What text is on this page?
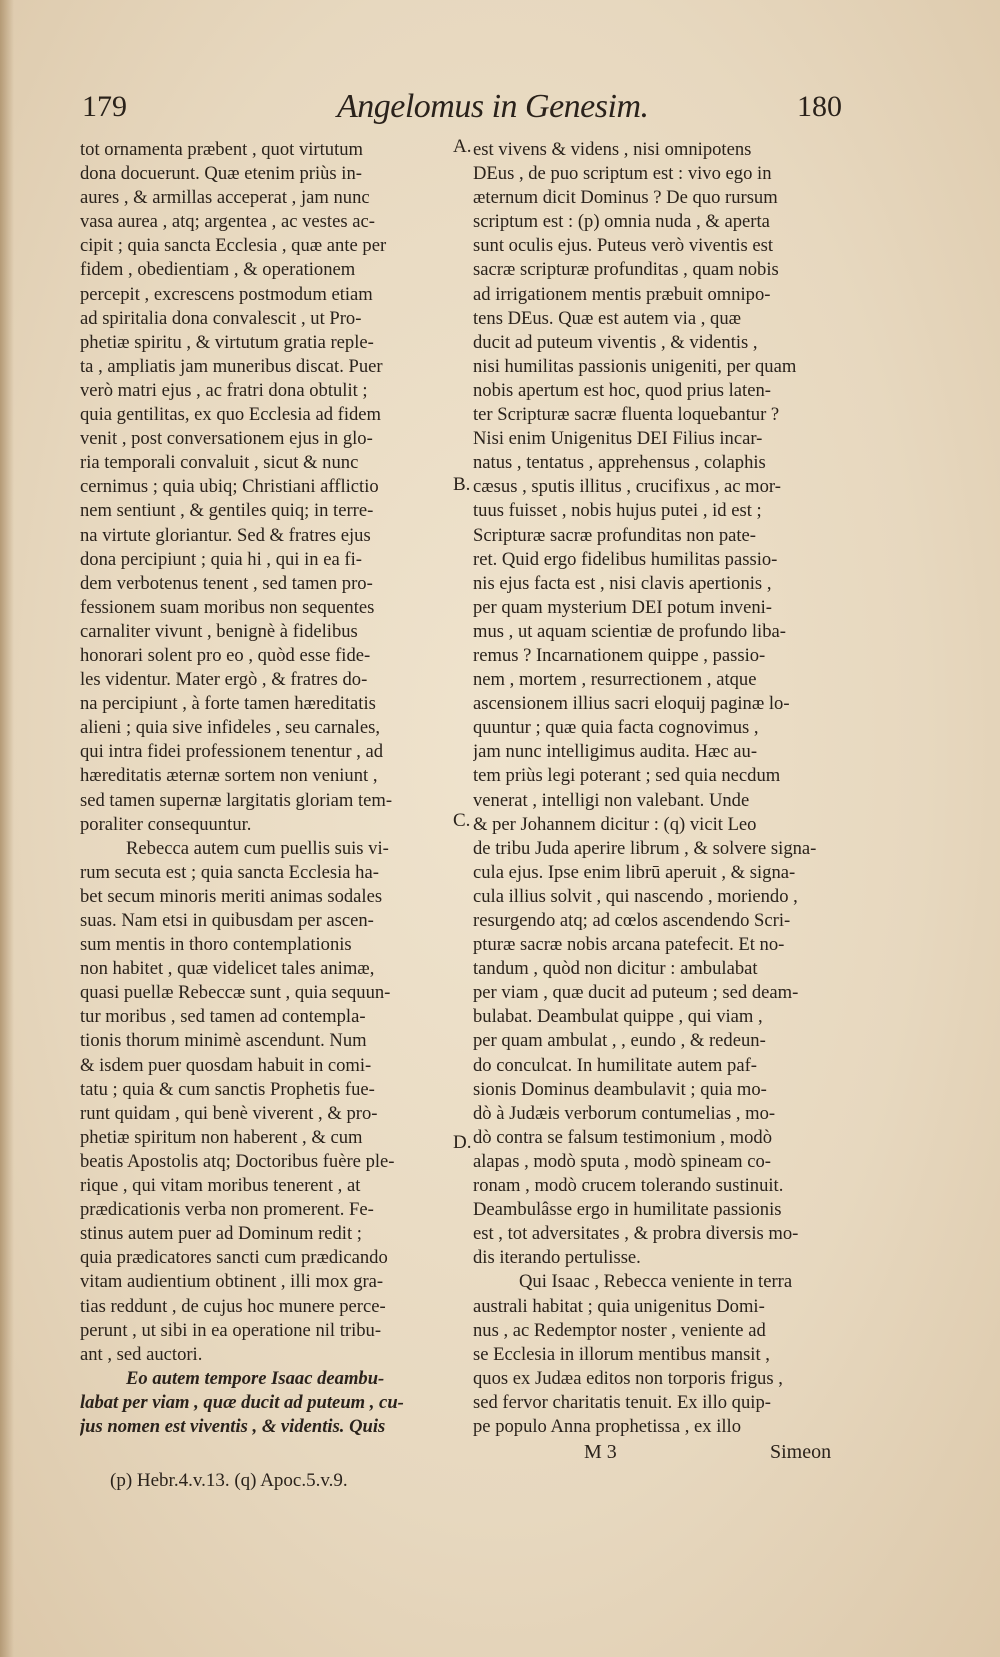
179	Angelomus in Genesim.	180
tot ornamenta præbent , quot virtutum
dona docuerunt. Quæ etenim priùs in-
aures , & armillas acceperat , jam nunc
vasa aurea , atq; argentea , ac vestes ac-
cipit ; quia sancta Ecclesia , quæ ante per
fidem , obedientiam , & operationem
percepit , excrescens postmodum etiam
ad spiritalia dona convalescit , ut Pro-
phetiæ spiritu , & virtutum gratia reple-
ta , ampliatis jam muneribus discat. Puer
verò matri ejus , ac fratri dona obtulit ;
quia gentilitas, ex quo Ecclesia ad fidem
venit , post conversationem ejus in glo-
ria temporali convaluit , sicut & nunc
cernimus ; quia ubiq; Christiani afflictio
nem sentiunt , & gentiles quiq; in terre-
na virtute gloriantur. Sed & fratres ejus
dona percipiunt ; quia hi , qui in ea fi-
dem verbotenus tenent , sed tamen pro-
fessionem suam moribus non sequentes
carnaliter vivunt , benignè à fidelibus
honorari solent pro eo , quòd esse fide-
les videntur. Mater ergò , & fratres do-
na percipiunt , à forte tamen hæreditatis
alieni ; quia sive infideles , seu carnales,
qui intra fidei professionem tenentur , ad
hæreditatis æternæ sortem non veniunt ,
sed tamen supernæ largitatis gloriam tem-
poraliter consequuntur.
Rebecca autem cum puellis suis vi-
rum secuta est ; quia sancta Ecclesia ha-
bet secum minoris meriti animas sodales
suas. Nam etsi in quibusdam per ascen-
sum mentis in thoro contemplationis
non habitet , quæ videlicet tales animæ,
quasi puellæ Rebeccæ sunt , quia sequun-
tur moribus , sed tamen ad contempla-
tionis thorum minimè ascendunt. Num
& isdem puer quosdam habuit in comi-
tatu ; quia & cum sanctis Prophetis fue-
runt quidam , qui benè viverent , & pro-
phetiæ spiritum non haberent , & cum
beatis Apostolis atq; Doctoribus fuère ple-
rique , qui vitam moribus tenerent , at
prædicationis verba non promerent. Fe-
stinus autem puer ad Dominum redit ;
quia prædicatores sancti cum prædicando
vitam audientium obtinent , illi mox gra-
tias reddunt , de cujus hoc munere perce-
perunt , ut sibi in ea operatione nil tribu-
ant , sed auctori.
Eo autem tempore Isaac deambu-
labat per viam , quæ ducit ad puteum , cu-
jus nomen est viventis , & videntis. Quis
est vivens & videns , nisi omnipotens
DEus , de puo scriptum est : vivo ego in
æternum dicit Dominus ? De quo rursum
scriptum est : (p) omnia nuda , & aperta
sunt oculis ejus. Puteus verò viventis est
sacræ scripturæ profunditas , quam nobis
ad irrigationem mentis præbuit omnipo-
tens DEus. Quæ est autem via , quæ
ducit ad puteum viventis , & videntis ,
nisi humilitas passionis unigeniti, per quam
nobis apertum est hoc, quod prius laten-
ter Scripturæ sacræ fluenta loquebantur ?
Nisi enim Unigenitus DEI Filius incar-
natus , tentatus , apprehensus , colaphis
cæsus , sputis illitus , crucifixus , ac mor-
tuus fuisset , nobis hujus putei , id est ;
Scripturæ sacræ profunditas non pate-
ret. Quid ergo fidelibus humilitas passio-
nis ejus facta est , nisi clavis apertionis ,
per quam mysterium DEI potum inveni-
mus , ut aquam scientiæ de profundo liba-
remus ? Incarnationem quippe , passio-
nem , mortem , resurrectionem , atque
ascensionem illius sacri eloquij paginæ lo-
quuntur ; quæ quia facta cognovimus ,
jam nunc intelligimus audita. Hæc au-
tem priùs legi poterant ; sed quia necdum
venerat , intelligi non valebant. Unde
& per Johannem dicitur : (q) vicit Leo
de tribu Juda aperire librum , & solvere signa-
cula ejus. Ipse enim librū aperuit , & signa-
cula illius solvit , qui nascendo , moriendo ,
resurgendo atq; ad cœlos ascendendo Scri-
pturæ sacræ nobis arcana patefecit. Et no-
tandum , quòd non dicitur : ambulabat
per viam , quæ ducit ad puteum ; sed deam-
bulabat. Deambulat quippe , qui viam ,
per quam ambulat , , eundo , & redeun-
do conculcat. In humilitate autem paf-
sionis Dominus deambulavit ; quia mo-
dò à Judæis verborum contumelias , mo-
dò contra se falsum testimonium , modò
alapas , modò sputa , modò spineam co-
ronam , modò crucem tolerando sustinuit.
Deambulâsse ergo in humilitate passionis
est , tot adversitates , & probra diversis mo-
dis iterando pertulisse.
Qui Isaac , Rebecca veniente in terra
australi habitat ; quia unigenitus Domi-
nus , ac Redemptor noster , veniente ad
se Ecclesia in illorum mentibus mansit ,
quos ex Judæa editos non torporis frigus ,
sed fervor charitatis tenuit. Ex illo quip-
pe populo Anna prophetissa , ex illo
A.
B.
C.
D.
M 3	Simeon
(p) Hebr.4.v.13. (q) Apoc.5.v.9.
